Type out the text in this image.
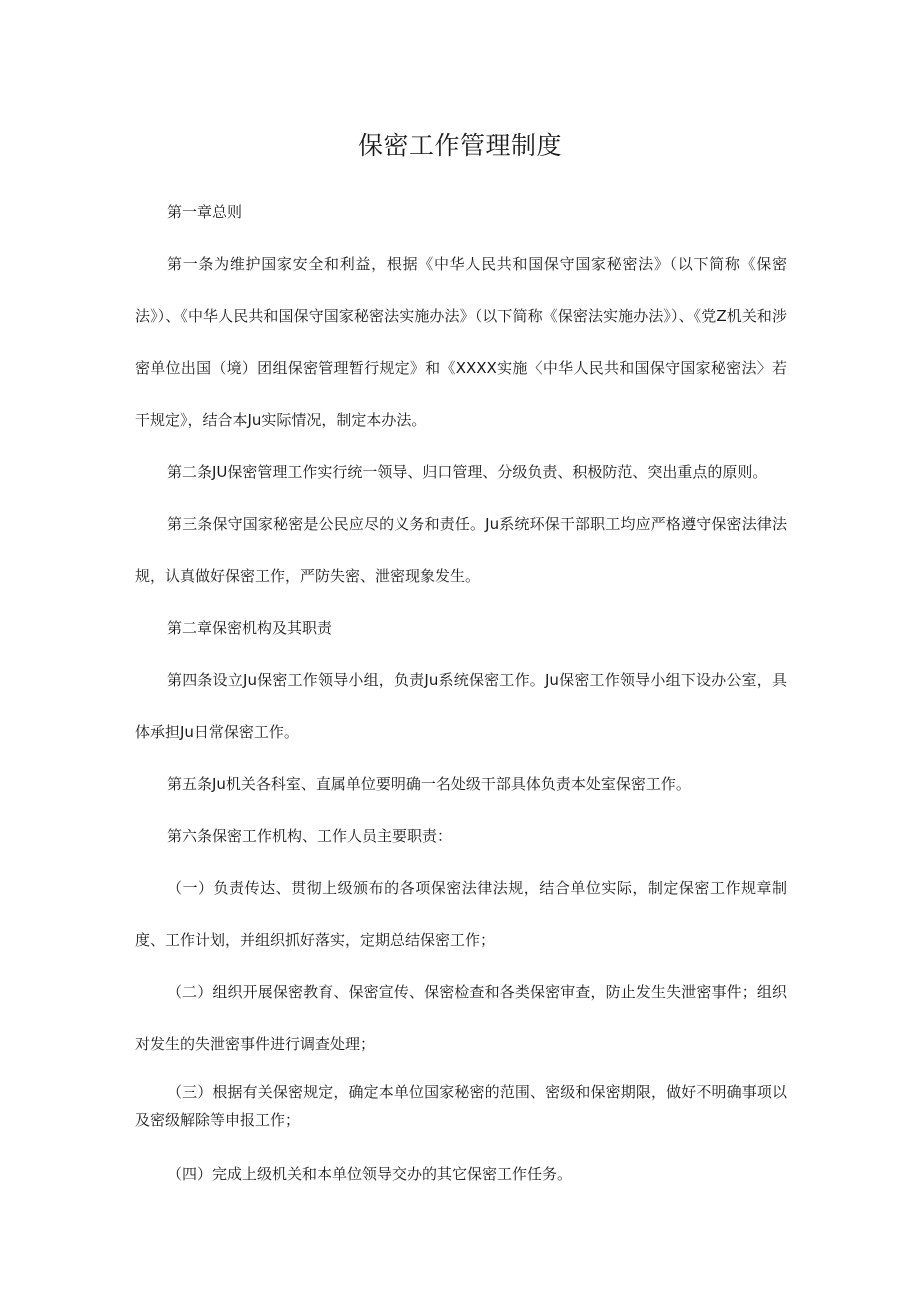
保密工作管理制度

第一章总则

第一条为维护国家安全和利益，根据《中华人民共和国保守国家秘密法》（以下简称《保密法》）、《中华人民共和国保守国家秘密法实施办法》（以下简称《保密法实施办法》）、《党Z机关和涉密单位出国（境）团组保密管理暂行规定》和《XXXX实施〈中华人民共和国保守国家秘密法〉若干规定》，结合本Ju实际情况，制定本办法。

第二条JU保密管理工作实行统一领导、归口管理、分级负责、积极防范、突出重点的原则。

第三条保守国家秘密是公民应尽的义务和责任。Ju系统环保干部职工均应严格遵守保密法律法规，认真做好保密工作，严防失密、泄密现象发生。

第二章保密机构及其职责

第四条设立Ju保密工作领导小组，负责Ju系统保密工作。Ju保密工作领导小组下设办公室，具体承担Ju日常保密工作。

第五条Ju机关各科室、直属单位要明确一名处级干部具体负责本处室保密工作。

第六条保密工作机构、工作人员主要职责：

（一）负责传达、贯彻上级颁布的各项保密法律法规，结合单位实际，制定保密工作规章制度、工作计划，并组织抓好落实，定期总结保密工作；

（二）组织开展保密教育、保密宣传、保密检查和各类保密审查，防止发生失泄密事件；组织对发生的失泄密事件进行调查处理；

（三）根据有关保密规定，确定本单位国家秘密的范围、密级和保密期限，做好不明确事项以及密级解除等申报工作；

（四）完成上级机关和本单位领导交办的其它保密工作任务。
